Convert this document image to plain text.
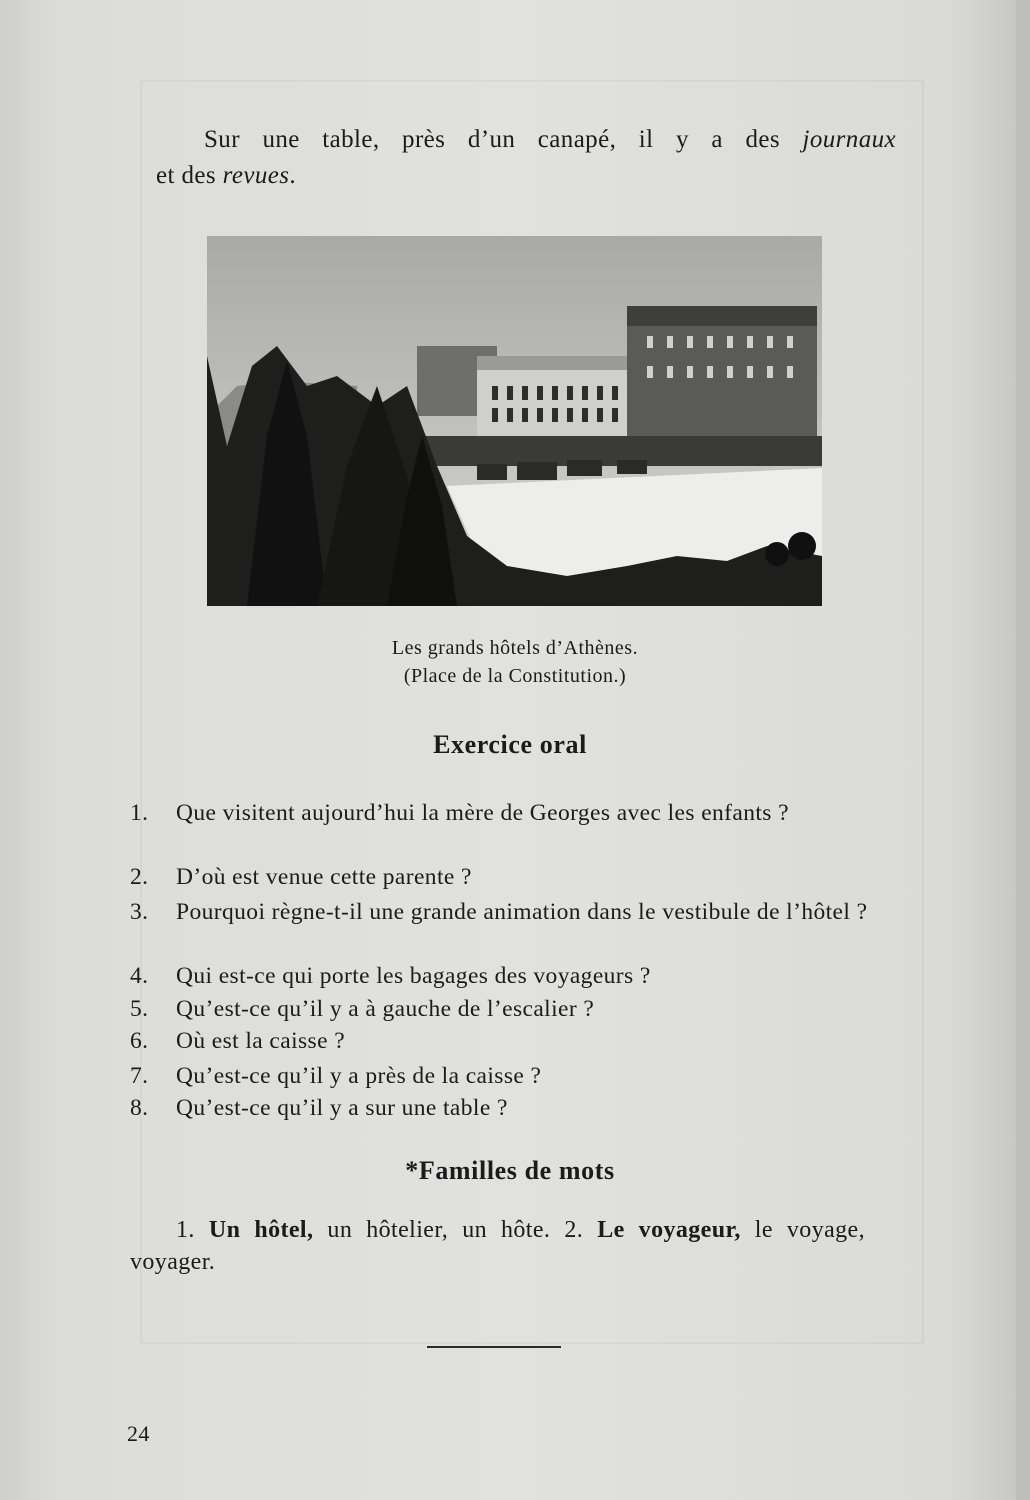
Sur une table, près d’un canapé, il y a des journaux
et des revues.
Les grands hôtels d’Athènes.
(Place de la Constitution.)
Exercice oral
1.	Que visitent aujourd’hui la mère de Georges avec les enfants ?
2.	D’où est venue cette parente ?
3.	Pourquoi règne-t-il une grande animation dans le vestibule de l’hôtel ?
4.	Qui est-ce qui porte les bagages des voyageurs ?
5.	Qu’est-ce qu’il y a à gauche de l’escalier ?
6.	Où est la caisse ?
7.	Qu’est-ce qu’il y a près de la caisse ?
8.	Qu’est-ce qu’il y a sur une table ?
*Familles de mots
1. Un hôtel, un hôtelier, un hôte. 2. Le voyageur, le voyage, voyager.
24
